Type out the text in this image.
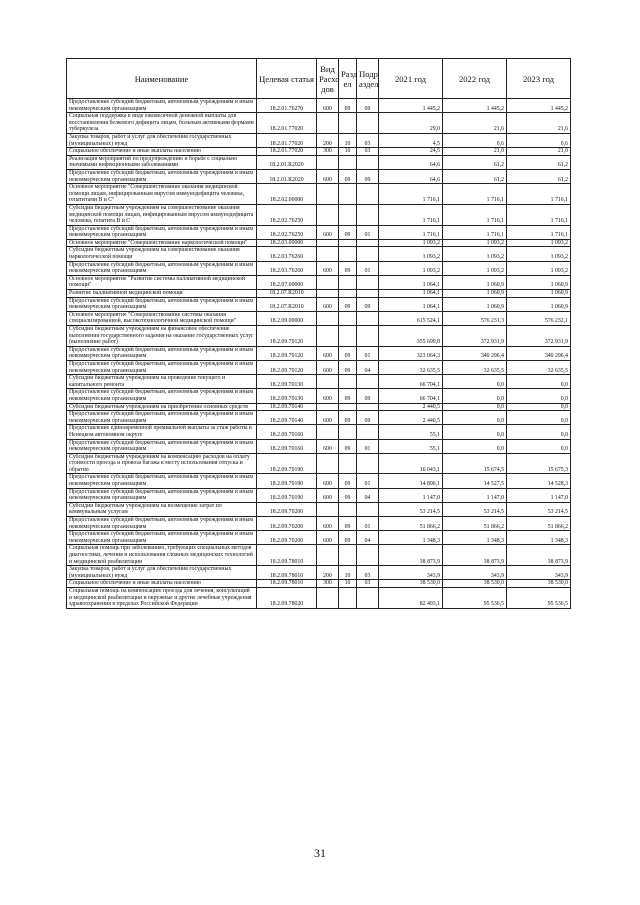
Наименование	Целевая статья	Вид Расхо дов	Разд ел	Подр аздел	2021 год	2022 год	2023 год
Предоставление субсидий бюджетным, автономным учреждениям и иным некоммерческим организациям	18.2.01.76270	600	09	09	1 445,2	1 445,2	1 445,2
Социальная поддержка в виде ежемесячной денежной выплаты для восстановления белкового дефицита лицам, больным активными формами туберкулеза	18.2.01.77020				29,0	21,6	21,6
Закупка товаров, работ и услуг для обеспечения государственных (муниципальных) нужд	18.2.01.77020	200	10	03	4,5	0,6	0,6
Социальное обеспечение и иные выплаты населению	18.2.01.77020	300	10	03	24,5	21,0	21,0
Реализация мероприятий по предупреждению и борьбе с социально значимыми инфекционными заболеваниями	18.2.01.R2020				64,6	61,2	61,2
Предоставление субсидий бюджетным, автономным учреждениям и иным некоммерческим организациям	18.2.01.R2020	600	09	09	64,6	61,2	61,2
Основное мероприятие "Совершенствование оказания медицинской помощи лицам, инфицированным вирусом иммунодефицита человека, гепатитами В и С"	18.2.02.00000				1 716,1	1 716,1	1 716,1
Субсидии бюджетным учреждениям на совершенствование оказания медицинской помощи лицам, инфицированным вирусом иммунодефицита человека, гепатита В и С	18.2.02.76250				1 716,1	1 716,1	1 716,1
Предоставление субсидий бюджетным, автономным учреждениям и иным некоммерческим организациям	18.2.02.76250	600	09	01	1 716,1	1 716,1	1 716,1
Основное мероприятие "Совершенствование наркологической помощи"	18.2.03.00000				1 093,2	1 093,2	1 093,2
Субсидии бюджетным учреждениям на совершенствование оказания наркологической помощи	18.2.03.76260				1 093,2	1 093,2	1 093,2
Предоставление субсидий бюджетным, автономным учреждениям и иным некоммерческим организациям	18.2.03.76260	600	09	01	1 093,2	1 093,2	1 093,2
Основное мероприятие "Развитие системы паллиативной медицинской помощи"	18.2.07.00000				1 064,1	1 060,9	1 060,9
Развитие паллиативной медицинской помощи	18.2.07.R2010				1 064,1	1 060,9	1 060,9
Предоставление субсидий бюджетным, автономным учреждениям и иным некоммерческим организациям	18.2.07.R2010	600	09	09	1 064,1	1 060,9	1 060,9
Основное мероприятие "Совершенствование системы оказания специализированной, высокотехнологичной медицинской помощи"	18.2.09.00000				615 524,1	576 231,3	576 232,1
Субсидии бюджетным учреждениям на финансовое обеспечение выполнения государственного задания на оказание государственных услуг (выполнение работ)	18.2.09.70120				355 699,8	372 931,9	372 931,9
Предоставление субсидий бюджетным, автономным учреждениям и иным некоммерческим организациям	18.2.09.70120	600	09	01	323 064,3	340 296,4	340 296,4
Предоставление субсидий бюджетным, автономным учреждениям и иным некоммерческим организациям	18.2.09.70120	600	09	04	32 635,5	32 635,5	32 635,5
Субсидии бюджетным учреждениям на проведение текущего и капитального ремонта	18.2.09.70130				66 704,1	0,0	0,0
Предоставление субсидий бюджетным, автономным учреждениям и иным некоммерческим организациям	18.2.09.70130	600	09	09	66 704,1	0,0	0,0
Субсидии бюджетным учреждениям на приобретение основных средств	18.2.09.70140				2 440,5	0,0	0,0
Предоставление субсидий бюджетным, автономным учреждениям и иным некоммерческим организациям	18.2.09.70140	600	09	09	2 440,5	0,0	0,0
Предоставление единовременной премиальной выплаты за стаж работы в Ненецком автономном округе	18.2.09.70160				55,1	0,0	0,0
Предоставление субсидий бюджетным, автономным учреждениям и иным некоммерческим организациям	18.2.09.70160	600	09	01	55,1	0,0	0,0
Субсидии бюджетным учреждениям на компенсацию расходов на оплату стоимости проезда и провоза багажа к месту использования отпуска и обратно	18.2.09.70190				16 043,1	15 674,5	15 675,3
Предоставление субсидий бюджетным, автономным учреждениям и иным некоммерческим организациям	18.2.09.70190	600	09	01	14 896,1	14 527,5	14 528,3
Предоставление субсидий бюджетным, автономным учреждениям и иным некоммерческим организациям	18.2.09.70190	600	09	04	1 147,0	1 147,0	1 147,0
Субсидии бюджетным учреждениям на возмещение затрат по коммунальным услугам	18.2.09.70200				53 214,5	53 214,5	53 214,5
Предоставление субсидий бюджетным, автономным учреждениям и иным некоммерческим организациям	18.2.09.70200	600	09	01	51 866,2	51 866,2	51 866,2
Предоставление субсидий бюджетным, автономным учреждениям и иным некоммерческим организациям	18.2.09.70200	600	09	04	1 348,3	1 348,3	1 348,3
Социальная помощь при заболеваниях, требующих специальных методов диагностики, лечения и использования сложных медицинских технологий и медицинской реабилитации	18.2.09.78010				38 873,9	38 873,9	38 873,9
Закупка товаров, работ и услуг для обеспечения государственных (муниципальных) нужд	18.2.09.78010	200	10	03	343,9	343,9	343,9
Социальное обеспечение и иные выплаты населению	18.2.09.78010	300	10	03	38 530,0	38 530,0	38 530,0
Социальная помощь на компенсацию проезда для лечения, консультаций и медицинской реабилитации в окружные и другие лечебные учреждения здравоохранения в пределах Российской Федерации	18.2.09.78020				82 493,1	95 536,5	95 536,5
31
